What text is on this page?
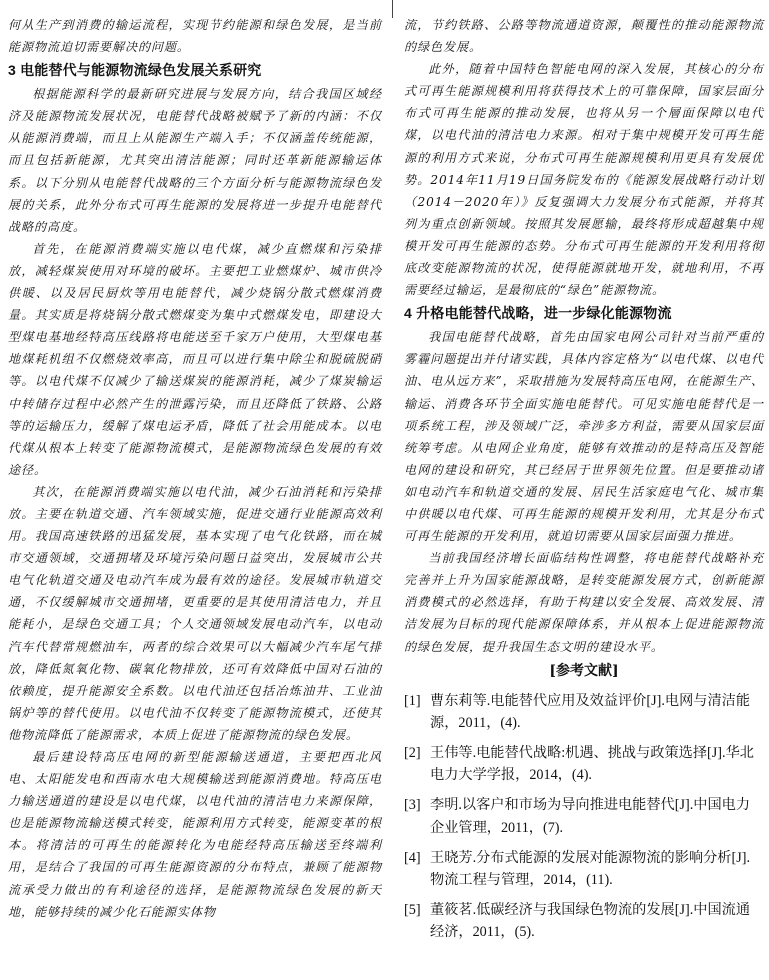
何从生产到消费的输运流程，实现节约能源和绿色发展，是当前能源物流迫切需要解决的问题。

3 电能替代与能源物流绿色发展关系研究

根据能源科学的最新研究进展与发展方向，结合我国区域经济及能源物流发展状况，电能替代战略被赋予了新的内涵：不仅从能源消费端，而且上从能源生产端入手；不仅涵盖传统能源，而且包括新能源，尤其突出清洁能源；同时还革新能源输运体系。以下分别从电能替代战略的三个方面分析与能源物流绿色发展的关系，此外分布式可再生能源的发展将进一步提升电能替代战略的高度。

首先，在能源消费端实施以电代煤，减少直燃煤和污染排放，减轻煤炭使用对环境的破坏。主要把工业燃煤炉、城市供冷供暖、以及居民厨炊等用电能替代，减少烧锅分散式燃煤消费量。其实质是将烧锅分散式燃煤变为集中式燃煤发电，即建设大型煤电基地经特高压线路将电能送至千家万户使用，大型煤电基地煤耗机组不仅燃烧效率高，而且可以进行集中除尘和脱硫脱硝等。以电代煤不仅减少了输送煤炭的能源消耗，减少了煤炭输运中转储存过程中必然产生的泄露污染，而且还降低了铁路、公路等的运输压力，缓解了煤电运矛盾，降低了社会用能成本。以电代煤从根本上转变了能源物流模式，是能源物流绿色发展的有效途径。

其次，在能源消费端实施以电代油，减少石油消耗和污染排放。主要在轨道交通、汽车领域实施，促进交通行业能源高效利用。我国高速铁路的迅猛发展，基本实现了电气化铁路，而在城市交通领域，交通拥堵及环境污染问题日益突出，发展城市公共电气化轨道交通及电动汽车成为最有效的途径。发展城市轨道交通，不仅缓解城市交通拥堵，更重要的是其使用清洁电力，并且能耗小，是绿色交通工具；个人交通领域发展电动汽车，以电动汽车代替常规燃油车，两者的综合效果可以大幅减少汽车尾气排放，降低氮氧化物、碳氧化物排放，还可有效降低中国对石油的依赖度，提升能源安全系数。以电代油还包括冶炼油井、工业油锅炉等的替代使用。以电代油不仅转变了能源物流模式，还使其他物流降低了能源需求，本质上促进了能源物流的绿色发展。

最后建设特高压电网的新型能源输送通道，主要把西北风电、太阳能发电和西南水电大规模输送到能源消费地。特高压电力输送通道的建设是以电代煤，以电代油的清洁电力来源保障，也是能源物流输送模式转变，能源利用方式转变，能源变革的根本。将清洁的可再生的能源转化为电能经特高压输送至终端利用，是结合了我国的可再生能源资源的分布特点，兼顾了能源物流承受力做出的有利途径的选择，是能源物流绿色发展的新天地，能够持续的减少化石能源实体物

流，节约铁路、公路等物流通道资源，颠覆性的推动能源物流的绿色发展。

此外，随着中国特色智能电网的深入发展，其核心的分布式可再生能源规模利用将获得技术上的可靠保障，国家层面分布式可再生能源的推动发展，也将从另一个層面保障以电代煤，以电代油的清洁电力来源。相对于集中规模开发可再生能源的利用方式来说，分布式可再生能源规模利用更具有发展优势。2014年11月19日国务院发布的《能源发展战略行动计划（2014－2020年）》反复强调大力发展分布式能源，并将其列为重点创新领域。按照其发展愿输，最终将形成超越集中规模开发可再生能源的态势。分布式可再生能源的开发利用将彻底改变能源物流的状况，使得能源就地开发，就地利用，不再需要经过输运，是最彻底的“绿色”能源物流。

4 升格电能替代战略，进一步绿化能源物流

我国电能替代战略，首先由国家电网公司针对当前严重的雾霾问题提出并付诸实践，具体内容定格为“以电代煤、以电代油、电从远方来”，采取措施为发展特高压电网，在能源生产、输运、消费各环节全面实施电能替代。可见实施电能替代是一项系统工程，涉及领域广泛，牵涉多方利益，需要从国家层面统筹考虑。从电网企业角度，能够有效推动的是特高压及智能电网的建设和研究，其已经居于世界领先位置。但是要推动诸如电动汽车和轨道交通的发展、居民生活家庭电气化、城市集中供暖以电代煤、可再生能源的规模开发利用，尤其是分布式可再生能源的开发利用，就迫切需要从国家层面强力推进。

当前我国经济增长面临结构性调整，将电能替代战略补充完善并上升为国家能源战略，是转变能源发展方式，创新能源消费模式的必然选择，有助于构建以安全发展、高效发展、清洁发展为目标的现代能源保障体系，并从根本上促进能源物流的绿色发展，提升我国生态文明的建设水平。

[参考文献]
[1] 曹东莉等.电能替代应用及效益评价[J].电网与清洁能源，2011，(4).
[2] 王伟等.电能替代战略:机遇、挑战与政策选择[J].华北电力大学学报，2014，(4).
[3] 李明.以客户和市场为导向推进电能替代[J].中国电力企业管理，2011，(7).
[4] 王晓芳.分布式能源的发展对能源物流的影响分析[J].物流工程与管理，2014，(11).
[5] 董筱茗.低碳经济与我国绿色物流的发展[J].中国流通经济，2011，(5).
